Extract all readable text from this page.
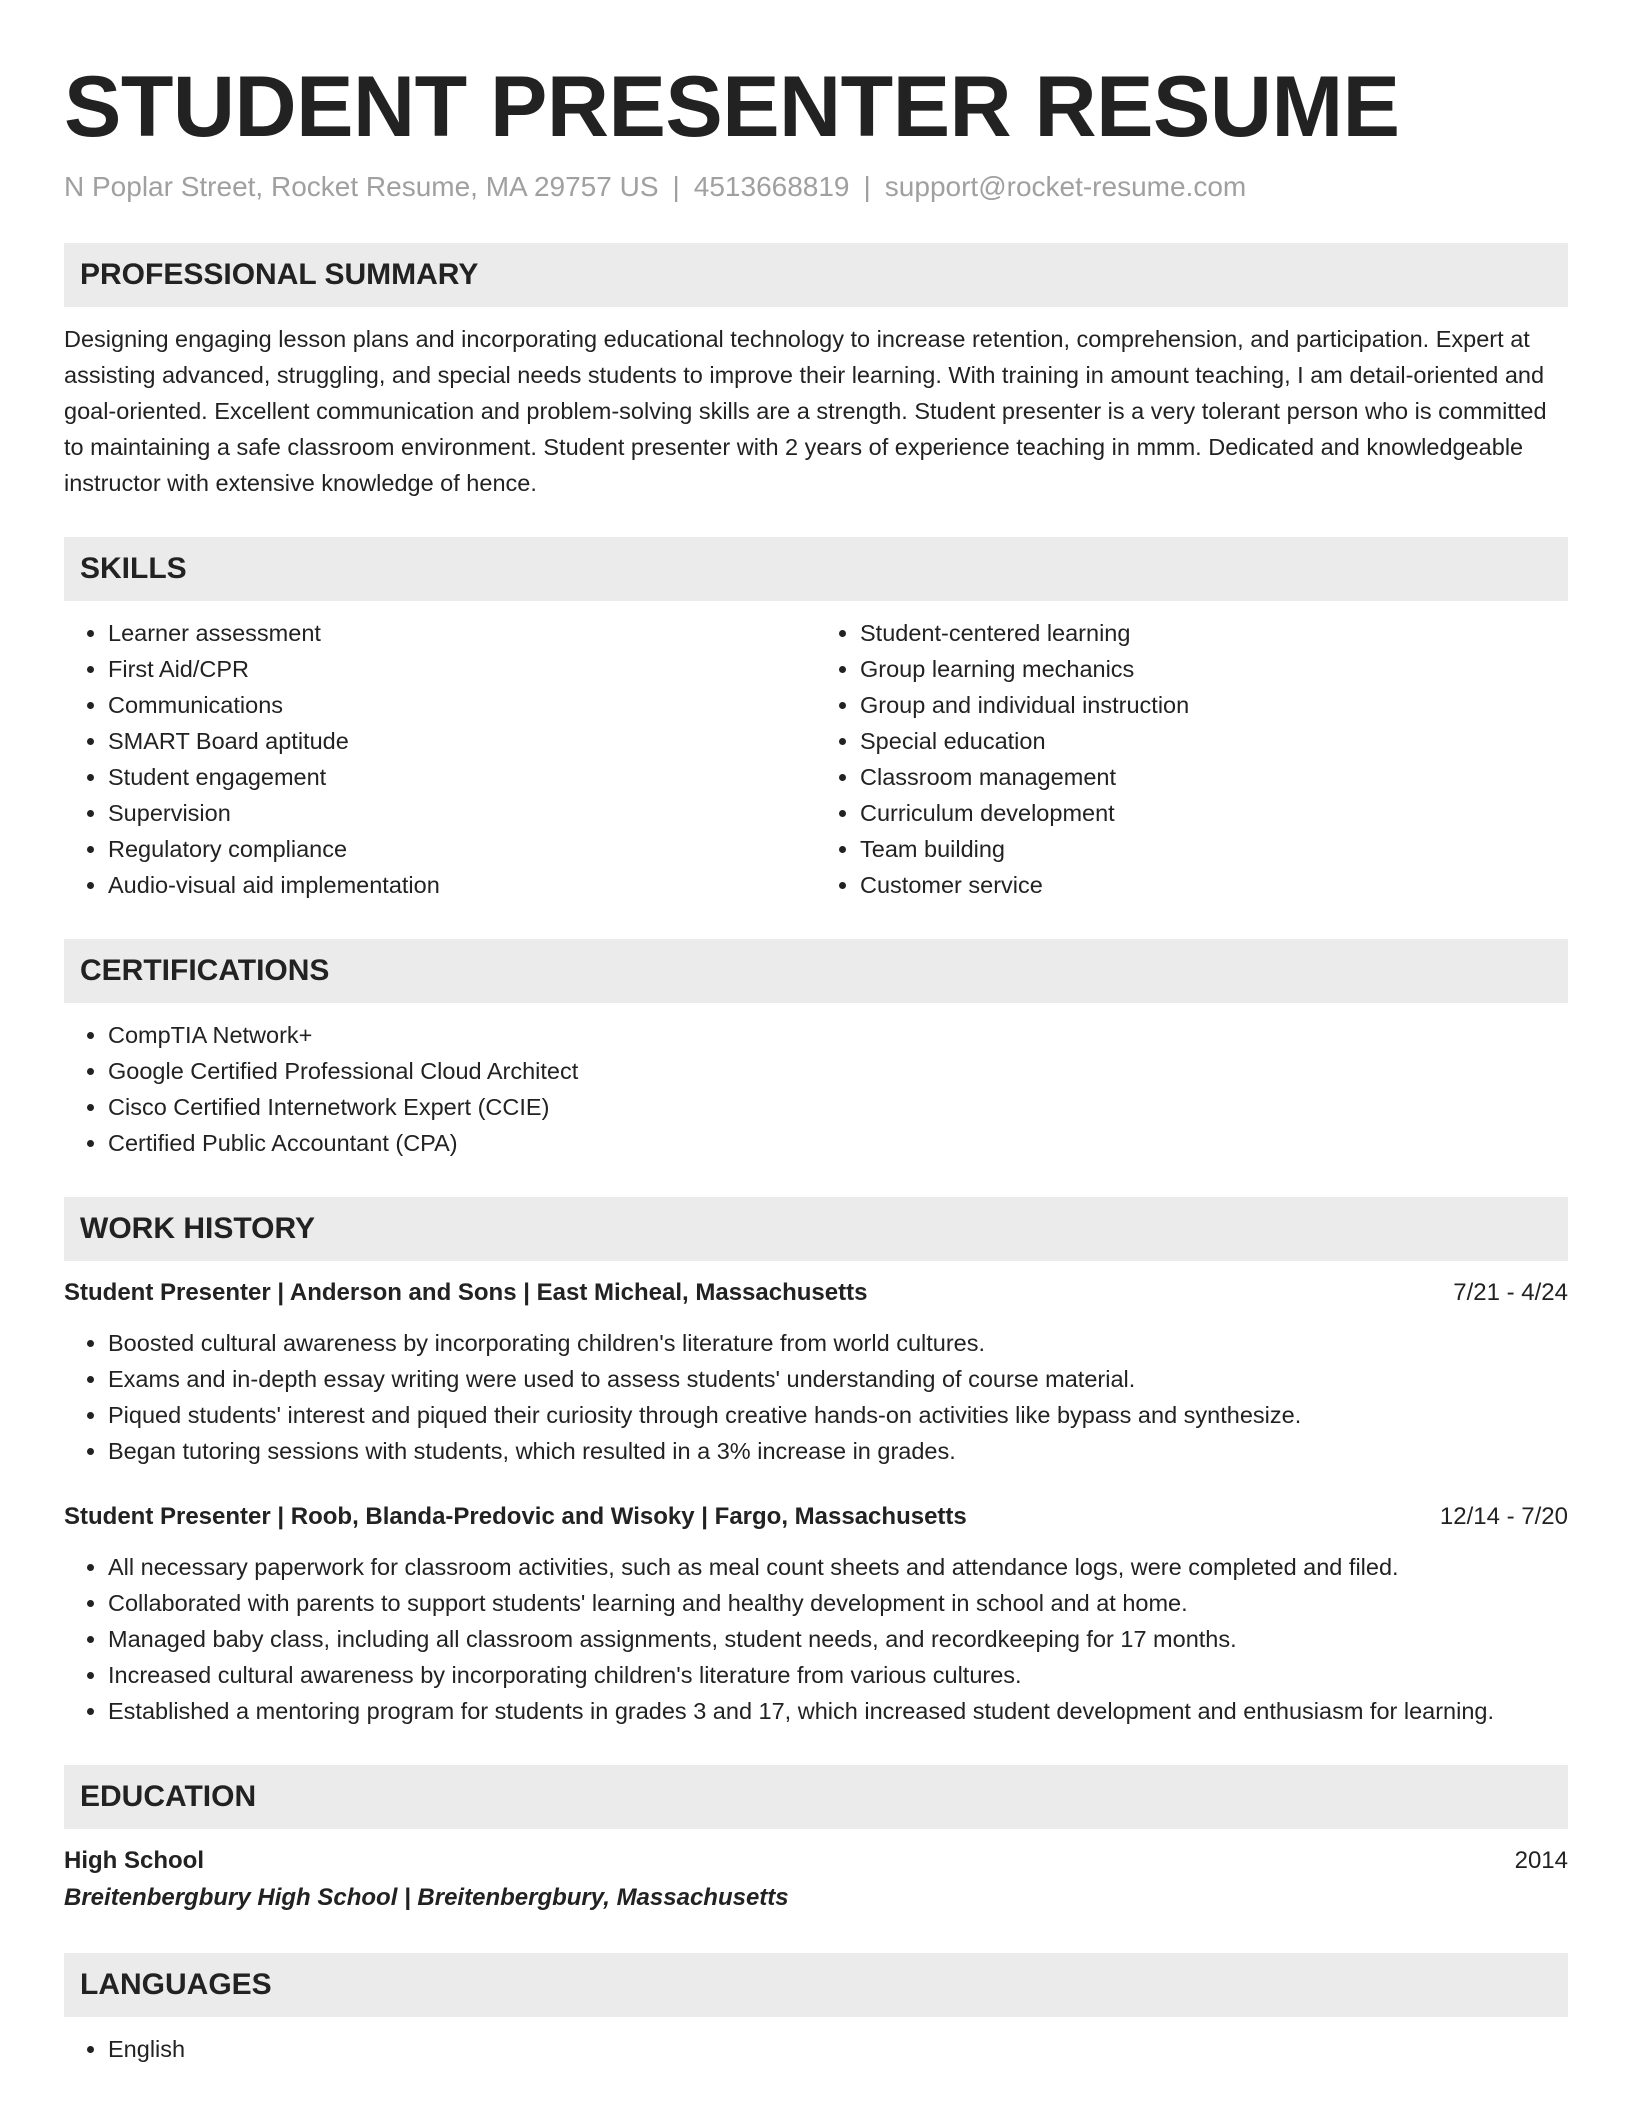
STUDENT PRESENTER RESUME
N Poplar Street, Rocket Resume, MA 29757 US | 4513668819 | support@rocket-resume.com
PROFESSIONAL SUMMARY

Designing engaging lesson plans and incorporating educational technology to increase retention, comprehension, and participation. Expert at assisting advanced, struggling, and special needs students to improve their learning. With training in amount teaching, I am detail-oriented and goal-oriented. Excellent communication and problem-solving skills are a strength. Student presenter is a very tolerant person who is committed to maintaining a safe classroom environment. Student presenter with 2 years of experience teaching in mmm. Dedicated and knowledgeable instructor with extensive knowledge of hence.

SKILLS
• Learner assessment
• First Aid/CPR
• Communications
• SMART Board aptitude
• Student engagement
• Supervision
• Regulatory compliance
• Audio-visual aid implementation
• Student-centered learning
• Group learning mechanics
• Group and individual instruction
• Special education
• Classroom management
• Curriculum development
• Team building
• Customer service
CERTIFICATIONS
• CompTIA Network+
• Google Certified Professional Cloud Architect
• Cisco Certified Internetwork Expert (CCIE)
• Certified Public Accountant (CPA)
WORK HISTORY
Student Presenter | Anderson and Sons | East Micheal, Massachusetts	7/21 - 4/24
• Boosted cultural awareness by incorporating children's literature from world cultures.
• Exams and in-depth essay writing were used to assess students' understanding of course material.
• Piqued students' interest and piqued their curiosity through creative hands-on activities like bypass and synthesize.
• Began tutoring sessions with students, which resulted in a 3% increase in grades.
Student Presenter | Roob, Blanda-Predovic and Wisoky | Fargo, Massachusetts	12/14 - 7/20
• All necessary paperwork for classroom activities, such as meal count sheets and attendance logs, were completed and filed.
• Collaborated with parents to support students' learning and healthy development in school and at home.
• Managed baby class, including all classroom assignments, student needs, and recordkeeping for 17 months.
• Increased cultural awareness by incorporating children's literature from various cultures.
• Established a mentoring program for students in grades 3 and 17, which increased student development and enthusiasm for learning.
EDUCATION
High School	2014
Breitenbergbury High School | Breitenbergbury, Massachusetts
LANGUAGES
• English
